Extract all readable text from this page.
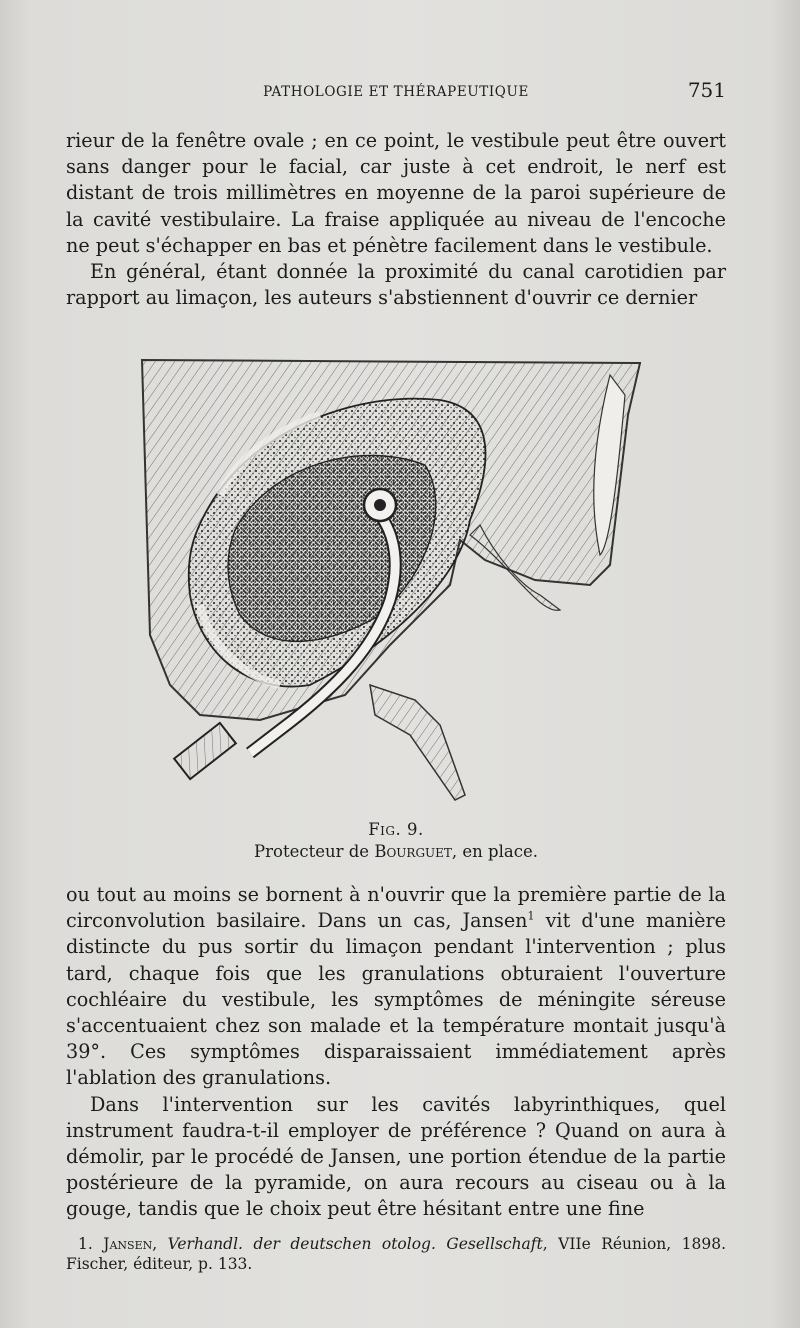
PATHOLOGIE ET THÉRAPEUTIQUE	751

rieur de la fenêtre ovale ; en ce point, le vestibule peut être ouvert sans danger pour le facial, car juste à cet endroit, le nerf est distant de trois millimètres en moyenne de la paroi supérieure de la cavité vestibulaire. La fraise appliquée au niveau de l'encoche ne peut s'échapper en bas et pénètre facilement dans le vestibule.

En général, étant donnée la proximité du canal carotidien par rapport au limaçon, les auteurs s'abstiennent d'ouvrir ce dernier

Fig. 9.
Protecteur de Bourguet, en place.

ou tout au moins se bornent à n'ouvrir que la première partie de la circonvolution basilaire. Dans un cas, Jansen$^1$ vit d'une manière distincte du pus sortir du limaçon pendant l'intervention ; plus tard, chaque fois que les granulations obturaient l'ouverture cochléaire du vestibule, les symptômes de méningite séreuse s'accentuaient chez son malade et la température montait jusqu'à 39°. Ces symptômes disparaissaient immédiatement après l'ablation des granulations.

Dans l'intervention sur les cavités labyrinthiques, quel instrument faudra-t-il employer de préférence ? Quand on aura à démolir, par le procédé de Jansen, une portion étendue de la partie postérieure de la pyramide, on aura recours au ciseau ou à la gouge, tandis que le choix peut être hésitant entre une fine

1. Jansen, Verhandl. der deutschen otolog. Gesellschaft, VIIe Réunion, 1898. Fischer, éditeur, p. 133.
